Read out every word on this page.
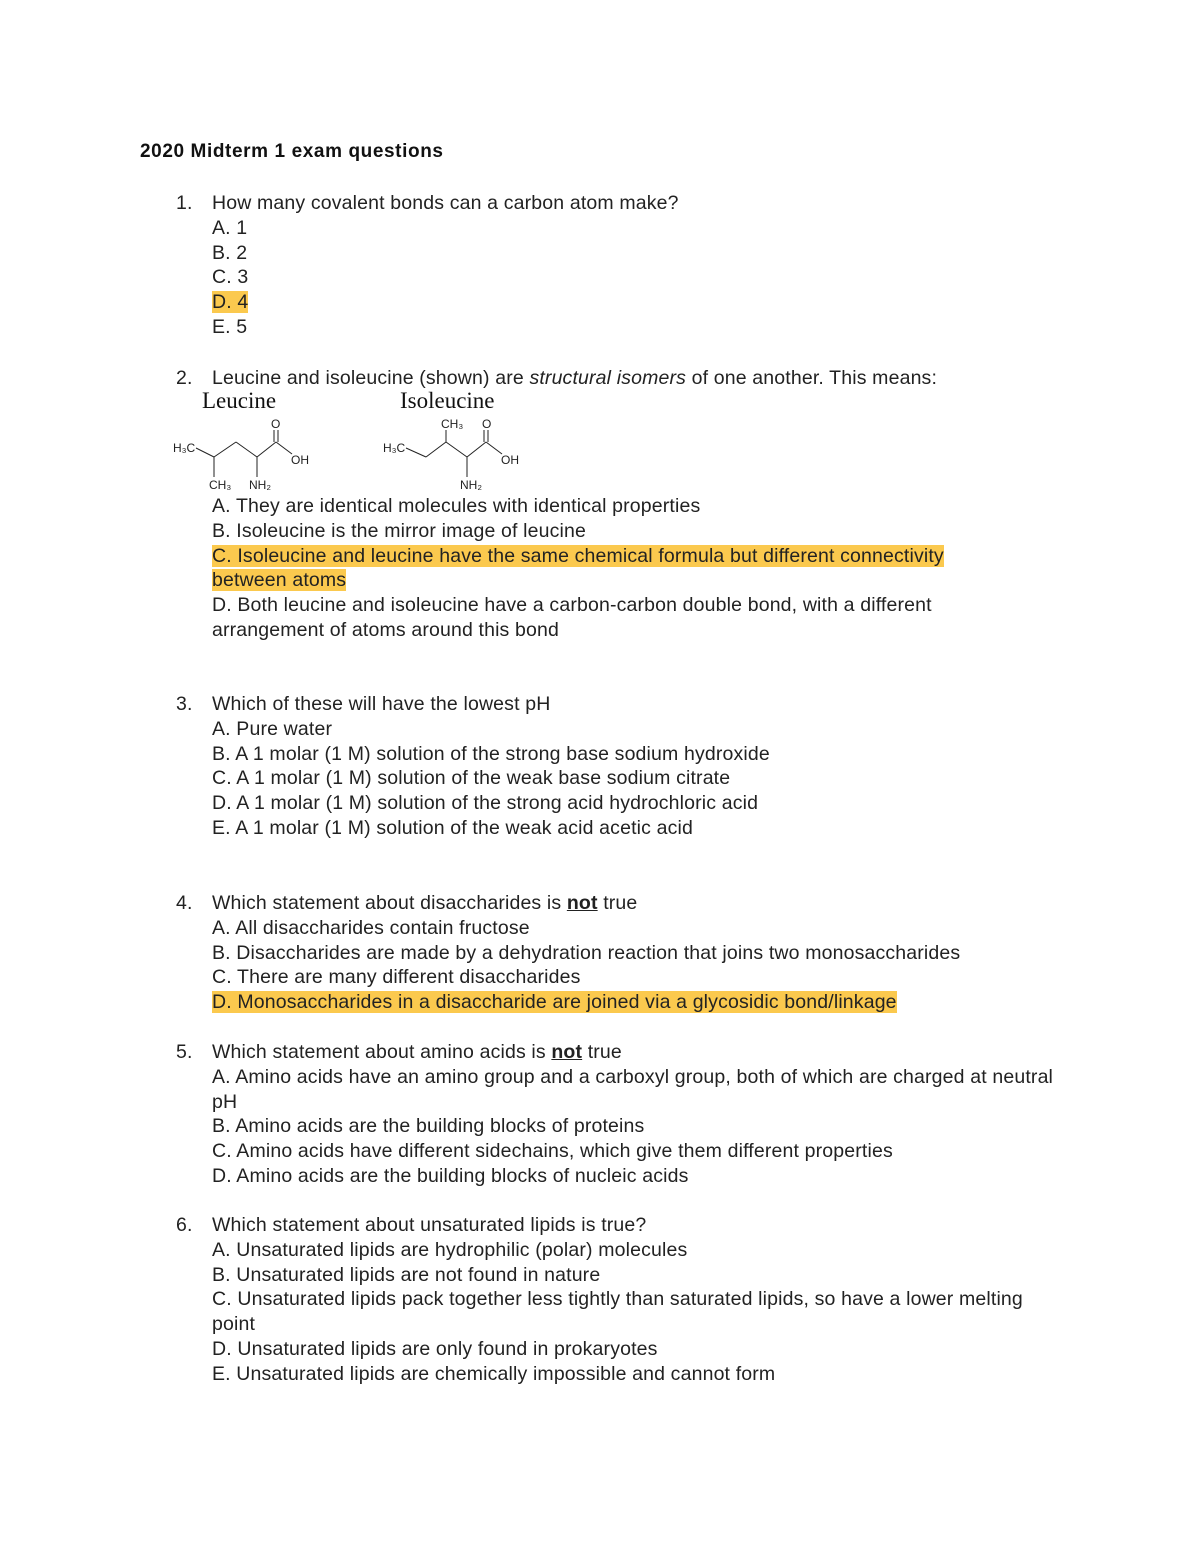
2020 Midterm 1 exam questions
1. How many covalent bonds can a carbon atom make?
A. 1
B. 2
C. 3
D. 4
E. 5
2. Leucine and isoleucine (shown) are structural isomers of one another. This means:
Leucine	Isoleucine
H₃C
O
OH
CH₃ NH₂
H₃C
CH₃ O
OH
NH₂
A. They are identical molecules with identical properties
B. Isoleucine is the mirror image of leucine
C. Isoleucine and leucine have the same chemical formula but different connectivity between atoms
D. Both leucine and isoleucine have a carbon-carbon double bond, with a different arrangement of atoms around this bond
3. Which of these will have the lowest pH
A. Pure water
B. A 1 molar (1 M) solution of the strong base sodium hydroxide
C. A 1 molar (1 M) solution of the weak base sodium citrate
D. A 1 molar (1 M) solution of the strong acid hydrochloric acid
E. A 1 molar (1 M) solution of the weak acid acetic acid
4. Which statement about disaccharides is not true
A. All disaccharides contain fructose
B. Disaccharides are made by a dehydration reaction that joins two monosaccharides
C. There are many different disaccharides
D. Monosaccharides in a disaccharide are joined via a glycosidic bond/linkage
5. Which statement about amino acids is not true
A. Amino acids have an amino group and a carboxyl group, both of which are charged at neutral pH
B. Amino acids are the building blocks of proteins
C. Amino acids have different sidechains, which give them different properties
D. Amino acids are the building blocks of nucleic acids
6. Which statement about unsaturated lipids is true?
A. Unsaturated lipids are hydrophilic (polar) molecules
B. Unsaturated lipids are not found in nature
C. Unsaturated lipids pack together less tightly than saturated lipids, so have a lower melting point
D. Unsaturated lipids are only found in prokaryotes
E. Unsaturated lipids are chemically impossible and cannot form
